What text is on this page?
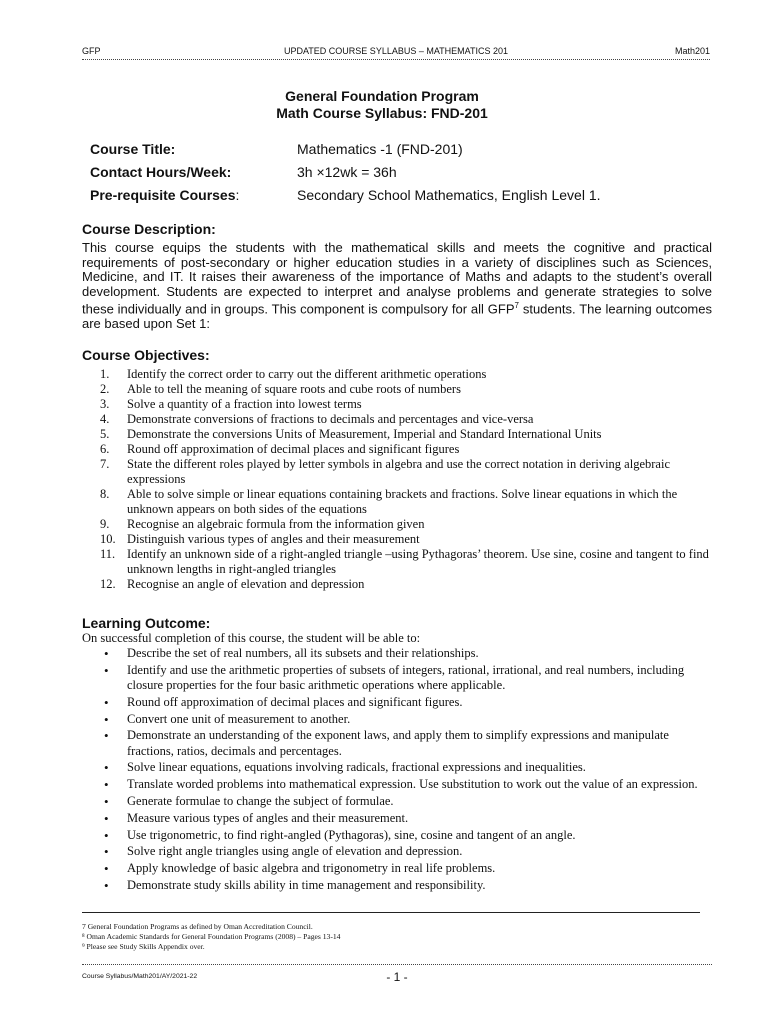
GFP	UPDATED COURSE SYLLABUS – MATHEMATICS 201	Math201
General Foundation Program
Math Course Syllabus: FND-201
Course Title:	Mathematics -1 (FND-201)
Contact Hours/Week:	3h ×12wk = 36h
Pre-requisite Courses:	Secondary School Mathematics, English Level 1.
Course Description:
This course equips the students with the mathematical skills and meets the cognitive and practical requirements of post-secondary or higher education studies in a variety of disciplines such as Sciences, Medicine, and IT. It raises their awareness of the importance of Maths and adapts to the student’s overall development. Students are expected to interpret and analyse problems and generate strategies to solve these individually and in groups. This component is compulsory for all GFP$^7$ students. The learning outcomes are based upon Set 1:
Course Objectives:
1.	Identify the correct order to carry out the different arithmetic operations
2.	Able to tell the meaning of square roots and cube roots of numbers
3.	Solve a quantity of a fraction into lowest terms
4.	Demonstrate conversions of fractions to decimals and percentages and vice-versa
5.	Demonstrate the conversions Units of Measurement, Imperial and Standard International Units
6.	Round off approximation of decimal places and significant figures
7.	State the different roles played by letter symbols in algebra and use the correct notation in deriving algebraic expressions
8.	Able to solve simple or linear equations containing brackets and fractions. Solve linear equations in which the unknown appears on both sides of the equations
9.	Recognise an algebraic formula from the information given
10. Distinguish various types of angles and their measurement
11. Identify an unknown side of a right-angled triangle –using Pythagoras’ theorem. Use sine, cosine and tangent to find unknown lengths in right-angled triangles
12. Recognise an angle of elevation and depression
Learning Outcome:
On successful completion of this course, the student will be able to:
•	Describe the set of real numbers, all its subsets and their relationships.
•	Identify and use the arithmetic properties of subsets of integers, rational, irrational, and real numbers, including closure properties for the four basic arithmetic operations where applicable.
•	Round off approximation of decimal places and significant figures.
•	Convert one unit of measurement to another.
•	Demonstrate an understanding of the exponent laws, and apply them to simplify expressions and manipulate fractions, ratios, decimals and percentages.
•	Solve linear equations, equations involving radicals, fractional expressions and inequalities.
•	Translate worded problems into mathematical expression. Use substitution to work out the value of an expression.
•	Generate formulae to change the subject of formulae.
•	Measure various types of angles and their measurement.
•	Use trigonometric, to find right-angled (Pythagoras), sine, cosine and tangent of an angle.
•	Solve right angle triangles using angle of elevation and depression.
•	Apply knowledge of basic algebra and trigonometry in real life problems.
•	Demonstrate study skills ability in time management and responsibility.
7 General Foundation Programs as defined by Oman Accreditation Council.
⁸ Oman Academic Standards for General Foundation Programs (2008) – Pages 13-14
⁹ Please see Study Skills Appendix over.
Course Syllabus/Math201/AY/2021-22	- 1 -
